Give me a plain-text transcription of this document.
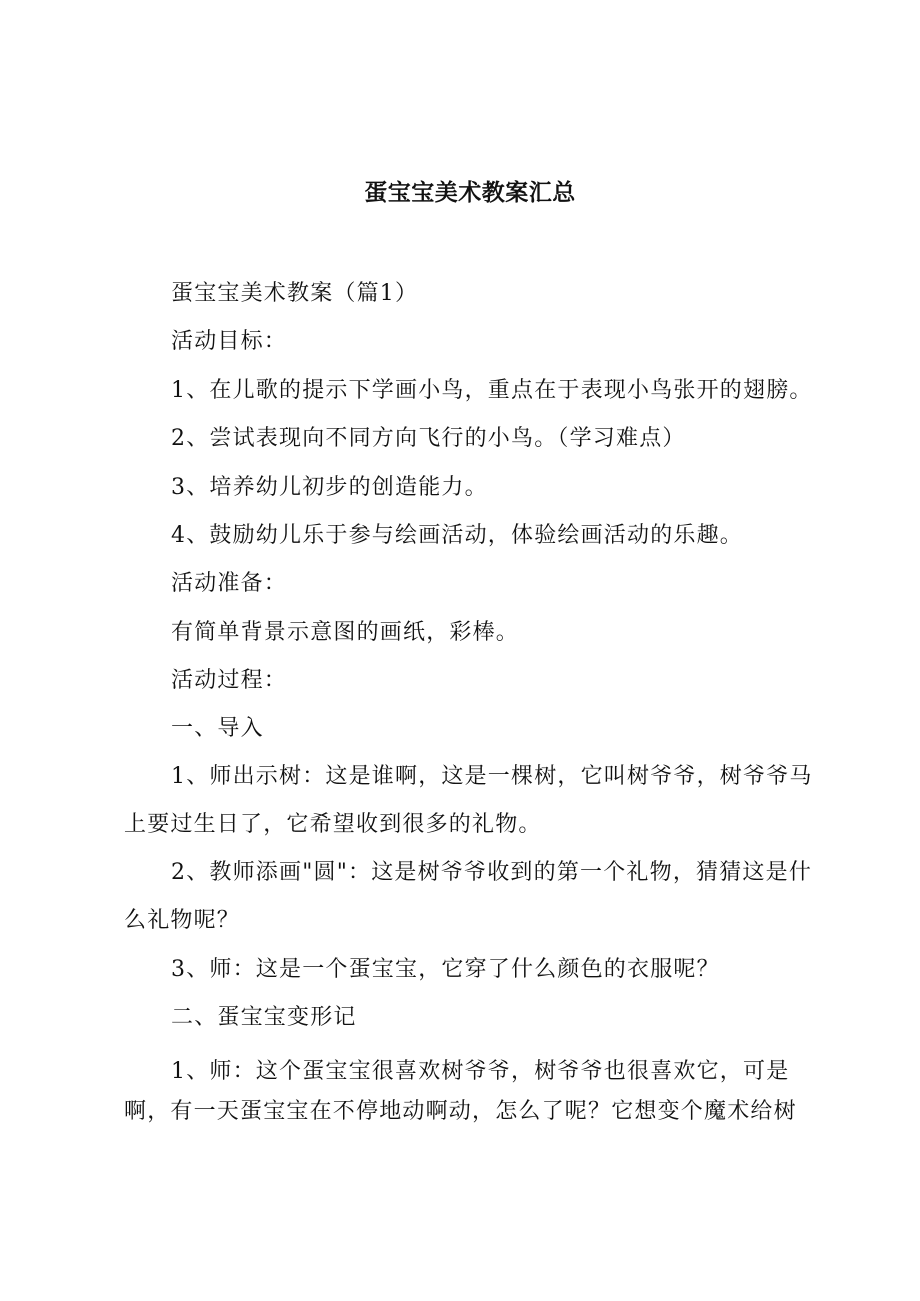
蛋宝宝美术教案汇总
蛋宝宝美术教案（篇1）
活动目标：
1、在儿歌的提示下学画小鸟，重点在于表现小鸟张开的翅膀。
2、尝试表现向不同方向飞行的小鸟。（学习难点）
3、培养幼儿初步的创造能力。
4、鼓励幼儿乐于参与绘画活动，体验绘画活动的乐趣。
活动准备：
有简单背景示意图的画纸，彩棒。
活动过程：
一、导入
1、师出示树：这是谁啊，这是一棵树，它叫树爷爷，树爷爷马
上要过生日了，它希望收到很多的礼物。
2、教师添画"圆"：这是树爷爷收到的第一个礼物，猜猜这是什
么礼物呢？
3、师：这是一个蛋宝宝，它穿了什么颜色的衣服呢？
二、蛋宝宝变形记
1、师：这个蛋宝宝很喜欢树爷爷，树爷爷也很喜欢它，可是
啊，有一天蛋宝宝在不停地动啊动，怎么了呢？它想变个魔术给树
